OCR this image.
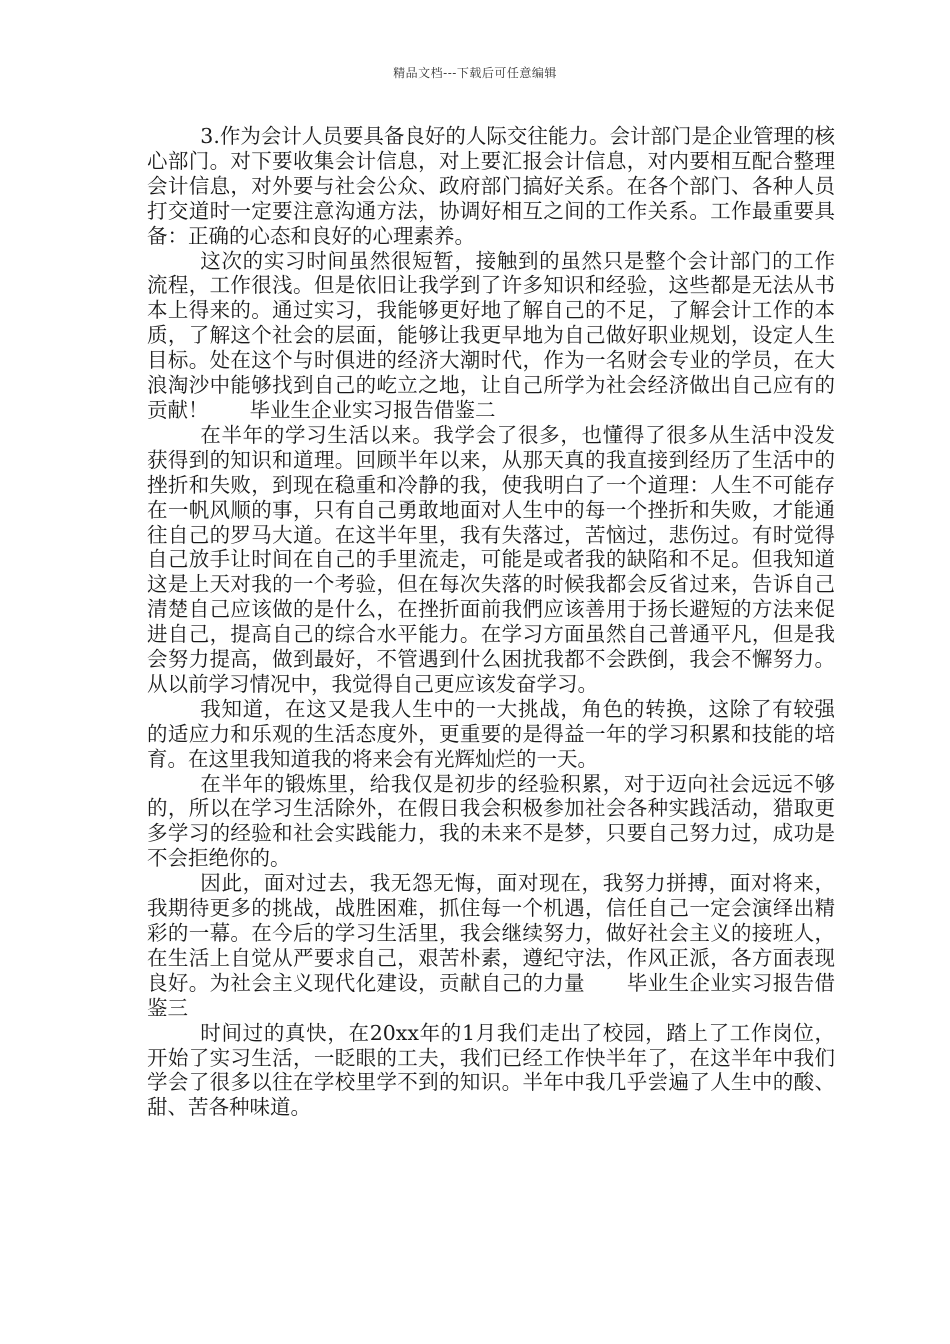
精品文档---下载后可任意编辑

3.作为会计人员要具备良好的人际交往能力。会计部门是企业管理的核心部门。对下要收集会计信息，对上要汇报会计信息，对内要相互配合整理会计信息，对外要与社会公众、政府部门搞好关系。在各个部门、各种人员打交道时一定要注意沟通方法，协调好相互之间的工作关系。工作最重要具备：正确的心态和良好的心理素养。

这次的实习时间虽然很短暂，接触到的虽然只是整个会计部门的工作流程，工作很浅。但是依旧让我学到了许多知识和经验，这些都是无法从书本上得来的。通过实习，我能够更好地了解自己的不足，了解会计工作的本质，了解这个社会的层面，能够让我更早地为自己做好职业规划，设定人生目标。处在这个与时俱进的经济大潮时代，作为一名财会专业的学员，在大浪淘沙中能够找到自己的屹立之地，让自己所学为社会经济做出自己应有的贡献！　　毕业生企业实习报告借鉴二

在半年的学习生活以来。我学会了很多，也懂得了很多从生活中没发获得到的知识和道理。回顾半年以来，从那天真的我直接到经历了生活中的挫折和失败，到现在稳重和冷静的我，使我明白了一个道理：人生不可能存在一帆风顺的事，只有自己勇敢地面对人生中的每一个挫折和失败，才能通往自己的罗马大道。在这半年里，我有失落过，苦恼过，悲伤过。有时觉得自己放手让时间在自己的手里流走，可能是或者我的缺陷和不足。但我知道这是上天对我的一个考验，但在每次失落的时候我都会反省过来，告诉自己清楚自己应该做的是什么，在挫折面前我們应该善用于扬长避短的方法来促进自己，提高自己的综合水平能力。在学习方面虽然自己普通平凡，但是我会努力提高，做到最好，不管遇到什么困扰我都不会跌倒，我会不懈努力。从以前学习情况中，我觉得自己更应该发奋学习。

我知道，在这又是我人生中的一大挑战，角色的转换，这除了有较强的适应力和乐观的生活态度外，更重要的是得益一年的学习积累和技能的培育。在这里我知道我的将来会有光辉灿烂的一天。

在半年的锻炼里，给我仅是初步的经验积累，对于迈向社会远远不够的，所以在学习生活除外，在假日我会积极参加社会各种实践活动，猎取更多学习的经验和社会实践能力，我的未来不是梦，只要自己努力过，成功是不会拒绝你的。

因此，面对过去，我无怨无悔，面对现在，我努力拼搏，面对将来，我期待更多的挑战，战胜困难，抓住每一个机遇，信任自己一定会演绎出精彩的一幕。在今后的学习生活里，我会继续努力，做好社会主义的接班人，在生活上自觉从严要求自己，艰苦朴素，遵纪守法，作风正派，各方面表现良好。为社会主义现代化建设，贡献自己的力量　　毕业生企业实习报告借鉴三

时间过的真快，在20xx年的1月我们走出了校园，踏上了工作岗位，开始了实习生活，一眨眼的工夫，我们已经工作快半年了，在这半年中我们学会了很多以往在学校里学不到的知识。半年中我几乎尝遍了人生中的酸、甜、苦各种味道。
